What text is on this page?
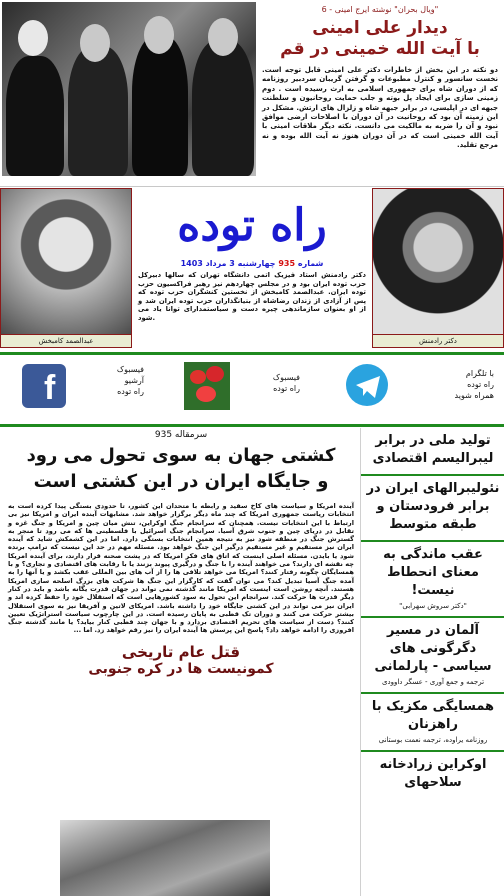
"ویال بحران" نوشته ایرج امینی - 6
دیدار علی امینی
با آیت الله خمینی در قم
دو نکته در این بخش از خاطرات دکتر علی امینی قابل توجه است. نخست سانسور و کنترل مطبوعات و گرفتن گریبان سردبیر روزنامه که از دوران شاه برای جمهوری اسلامی به ارث رسیده است . دوم زمینی سازی برای ایجاد پل بوته و جلب حمایت روحانیون و سلطنت جبهه ای در اپلیسی، در برابر جبهه شاه و زلزال های ارتش. مشکل در این زمینه آن بود که روحانیت در آن دوران با اصلاحات ارضی موافق نبود و آن را ضربه به مالکیت می دانست. نکته دیگر ملاقات امینی با آیت الله خمینی است که در آن دوران هنوز نه آیت الله بوده و نه مرجع تقلید.
عبدالصمد کامبخش
راه توده
شماره 935 چهارشنبه 3 مرداد 1403
دکتر رادمنش استاد فیزیک اتمی دانشگاه تهران که سالها دبیرکل حزب توده ایران بود و در مجلس چهاردهم نیز رهبر فراکسیون حزب توده ایران. عبدالصمد کامبخش از نخستین کنشگران حزب توده که پس از آزادی از زندان رضاشاه از بنیانگذاران حزب توده ایران شد و از او بعنوان سازماندهی چیره دست و سیاستمدارای توانا یاد می شود.
دکتر رادمنش
با تلگرام
راه توده
همراه شوید
فیسبوک
راه توده
فیسبوک
آرشیو
راه توده
f
تولید ملی در برابر لیبرالیسم اقتصادی
نئولیبرالهای ایران در برابر فرودستان و طبقه متوسط
عقب ماندگی به معنای انحطاط نیست!
"دکتر سروش سهرابی"
آلمان در مسیر دگرگونی های سیاسی - پارلمانی
ترجمه و جمع آوری - عسگر داوودی
همسایگی مکزیک با راهزنان
روزنامه یراوده، ترجمه نعمت بوستانی
اوکراین زرادخانه سلاحهای
سرمقاله 935
کشتی جهان به سوی تحول می رود
و جایگاه ایران در این کشتی است
آینده امریکا و سیاست های کاخ سفید و رابطه با متحدان این کشور، تا حدودی بستگی پیدا کرده است به انتخابات ریاست جمهوری امریکا که چند ماه دیگر برگزار خواهد شد. مشابهات آینده ایران و امریکا نیز بی ارتباط با این انتخابات نیست. همچنان که سرانجام جنگ اوکراین، تنش میان چین و امریکا و جنگ غزه و تقابل در دریای چین و جنوب شرق آسیا. سرانجام جنگ اسرائیل با فلسطینی ها که می رود تا منجر به گسترش جنگ در منطقه شود نیز به نتیجه همین انتخابات بستگی دارد. اما در این کشمکش شاید که آینده ایران نیز مستقیم و غیر مستقیم درگیر این جنگ خواهد بود. مسئله مهم در حد این نیست که ترامپ برنده شود یا بایدن. مسئله اصلی اینست که اتاق های فکر امریکا که در پشت صحنه قرار دارند، برای آینده امریکا چه نقشه ای دارند؟ می خواهند آینده را با جنگ و درگیری پیوند بزنند یا با رقابت های اقتصادی و تجاری؟ و با همسایگان چگونه رفتار کنند؟ امریکا می خواهد تلافی ها را از آب های بین المللی عقب بکشد و یا آنها را به آمده جنگ آسیا تبدیل کند؟ می توان گفت که کارگزار این جنگ ها شرکت های بزرگ اسلحه سازی امریکا هستند. آنچه روشن است اینست که امریکا مانند گذشته نمی تواند در جهان قدرت یگانه باشد و باید در کنار دیگر قدرت ها حرکت کند. سرانجام این تحول به سود کشورهایی است که استقلال خود را حفظ کرده اند و ایران نیز می تواند در این کشتی جایگاه خود را داشته باشد. امریکای لاتین و آفریقا نیز به سوی استقلال بیشتر حرکت می کنند و دوران تک قطبی به پایان رسیده است. در این چارچوب سیاست استراتژیک تعیین کنند؟ دست از سیاست های تحریم اقتصادی بردارد و با جهان چند قطبی کنار بیاید؟ یا مانند گذشته جنگ افروزی را ادامه خواهد داد؟ پاسخ این پرسش ها آینده ایران را نیز رقم خواهد زد. اما ...
قتل عام تاریخی
کمونیست ها در کره جنوبی
